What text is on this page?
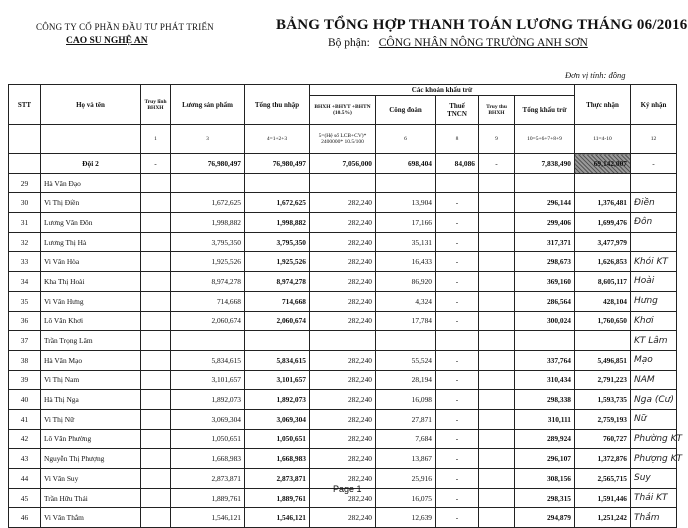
CÔNG TY CỔ PHẦN ĐẦU TƯ PHÁT TRIỂN
CAO SU NGHỆ AN
BẢNG TỔNG HỢP THANH TOÁN LƯƠNG THÁNG 06/2016
Bộ phận: CÔNG NHÂN NÔNG TRƯỜNG ANH SƠN
Đơn vị tính: đồng
STT	Họ và tên	Truy lĩnh BHXH	Lương sản phẩm	Tổng thu nhập	Các khoản khấu trừ					Thực nhận	Ký nhận
					BHXH +BHYT +BHTN (10.5%)	Công đoàn	Thuế TNCN	Truy thu BHXH	Tổng khấu trừ		
		1	3	4=1+2+3	5=(Hệ số LCB+CV)* 2400000* 10.5/100	6	8	9	10=5+6+7+8+9	11=4-10	12
	Đội 2	-	76,980,497	76,980,497	7,056,000	698,404	84,086	-	7,838,490	69,142,007	-
29	Hà Văn Đạo										
30	Vi Thị Điền		1,672,625	1,672,625	282,240	13,904	-		296,144	1,376,481	Điền
31	Lương Văn Đôn		1,998,882	1,998,882	282,240	17,166	-		299,406	1,699,476	Đôn
32	Lương Thị Hà		3,795,350	3,795,350	282,240	35,131	-		317,371	3,477,979	
33	Vi Văn Hòa		1,925,526	1,925,526	282,240	16,433	-		298,673	1,626,853	Khói KT
34	Kha Thị Hoài		8,974,278	8,974,278	282,240	86,920	-		369,160	8,605,117	Hoài
35	Vi Văn Hưng		714,668	714,668	282,240	4,324	-		286,564	428,104	Hưng
36	Lô Văn Khơi		2,060,674	2,060,674	282,240	17,784	-		300,024	1,760,650	Khơi
37	Trần Trọng Lâm										KT Lâm
38	Hà Văn Mạo		5,834,615	5,834,615	282,240	55,524	-		337,764	5,496,851	Mạo
39	Vi Thị Nam		3,101,657	3,101,657	282,240	28,194	-		310,434	2,791,223	NAM
40	Hà Thị Nga		1,892,073	1,892,073	282,240	16,098	-		298,338	1,593,735	Nga (Cư)
41	Vi Thị Nữ		3,069,304	3,069,304	282,240	27,871	-		310,111	2,759,193	Nữ
42	Lô Văn Phường		1,050,651	1,050,651	282,240	7,684	-		289,924	760,727	Phường KT
43	Nguyễn Thị Phượng		1,668,983	1,668,983	282,240	13,867	-		296,107	1,372,876	Phượng KT
44	Vi Văn Suy		2,873,871	2,873,871	282,240	25,916	-		308,156	2,565,715	Suy
45	Trần Hữu Thái		1,889,761	1,889,761	282,240	16,075	-		298,315	1,591,446	Thái KT
46	Vi Văn Thắm		1,546,121	1,546,121	282,240	12,639	-		294,879	1,251,242	Thắm
Page 1
